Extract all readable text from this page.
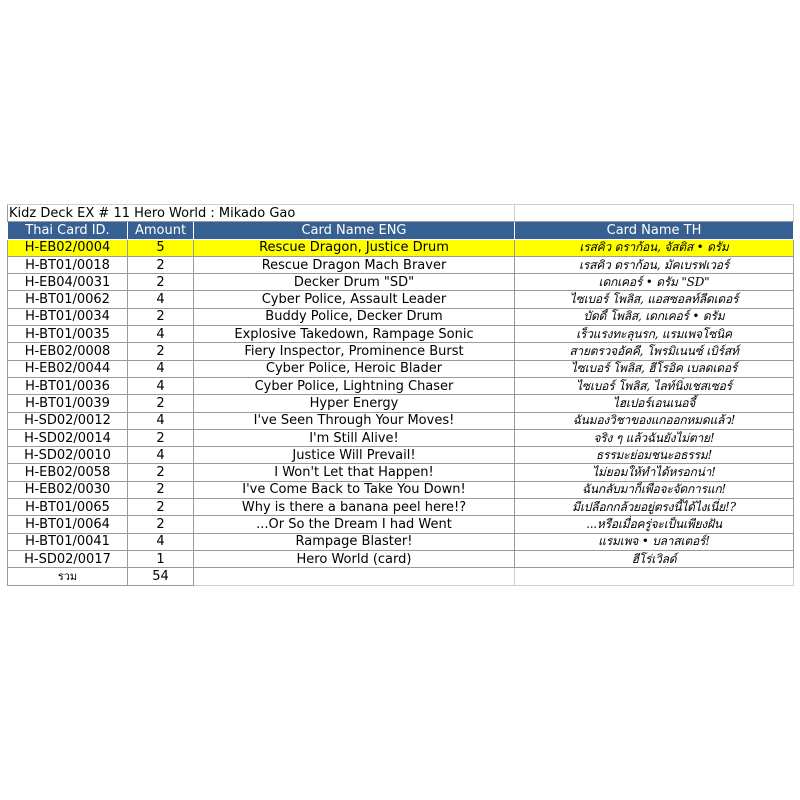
Kidz Deck EX # 11 Hero World : Mikado Gao			
Thai Card ID.	Amount	Card Name ENG	Card Name TH
H-EB02/0004	5	Rescue Dragon, Justice Drum	เรสคิว ดราก้อน, จัสติส • ดรัม
H-BT01/0018	2	Rescue Dragon Mach Braver	เรสคิว ดราก้อน, มัคเบรฟเวอร์
H-EB04/0031	2	Decker Drum "SD"	เดกเคอร์ • ดรัม "SD"
H-BT01/0062	4	Cyber Police, Assault Leader	ไซเบอร์ โพลิส, แอสซอลท์ลีดเดอร์
H-BT01/0034	2	Buddy Police, Decker Drum	บัดดี้ โพลิส, เดกเคอร์ • ดรัม
H-BT01/0035	4	Explosive Takedown, Rampage Sonic	เร็วแรงทะลุนรก, แรมเพจโซนิค
H-EB02/0008	2	Fiery Inspector, Prominence Burst	สายตรวจอัคคี, โพรมิเนนซ์ เบิร์สท์
H-EB02/0044	4	Cyber Police, Heroic Blader	ไซเบอร์ โพลิส, ฮีโรอิค เบลดเดอร์
H-BT01/0036	4	Cyber Police, Lightning Chaser	ไซเบอร์ โพลิส, ไลท์นิ่งเชสเซอร์
H-BT01/0039	2	Hyper Energy	ไฮเปอร์เอนเนอจี้
H-SD02/0012	4	I've Seen Through Your Moves!	ฉันมองวิชาของแกออกหมดแล้ว!
H-SD02/0014	2	I'm Still Alive!	จริง ๆ แล้วฉันยังไม่ตาย!
H-SD02/0010	4	Justice Will Prevail!	ธรรมะย่อมชนะอธรรม!
H-EB02/0058	2	I Won't Let that Happen!	ไม่ยอมให้ทำได้หรอกน่า!
H-EB02/0030	2	I've Come Back to Take You Down!	ฉันกลับมาก็เพื่อจะจัดการแก!
H-BT01/0065	2	Why is there a banana peel here!?	มีเปลือกกล้วยอยู่ตรงนี้ได้ไงเนี่ย!?
H-BT01/0064	2	...Or So the Dream I had Went	...หรือเมื่อครู่จะเป็นเพียงฝัน
H-BT01/0041	4	Rampage Blaster!	แรมเพจ • บลาสเตอร์!
H-SD02/0017	1	Hero World (card)	ฮีโร่เวิลด์
รวม	54		
